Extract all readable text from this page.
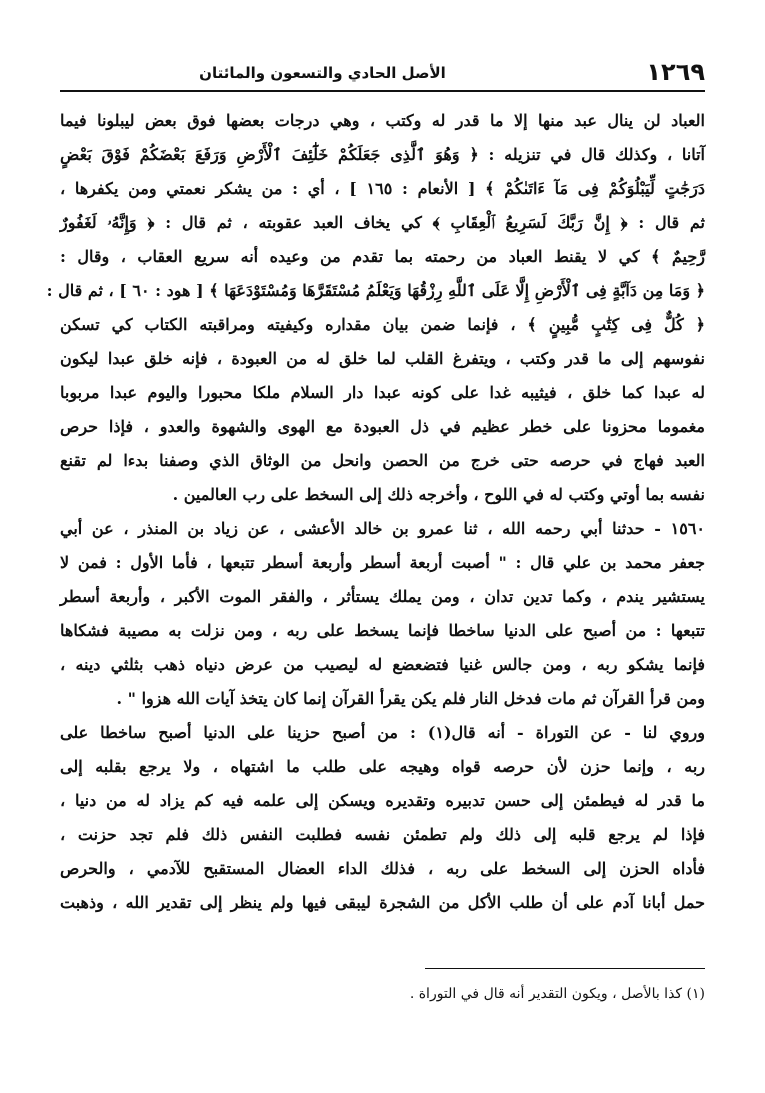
١٢٦٩
الأصل الحادي والتسعون والمائتان
العباد لن ينال عبد منها إلا ما قدر له وكتب ، وهي درجات بعضها فوق بعض ليبلونا فيما
آتانا ، وكذلك قال في تنزيله : ﴿ وَهُوَ ٱلَّذِى جَعَلَكُمْ خَلَٰٓئِفَ ٱلْأَرْضِ وَرَفَعَ بَعْضَكُمْ فَوْقَ بَعْضٍ
دَرَجَٰتٍ لِّيَبْلُوَكُمْ فِى مَآ ءَاتَىٰكُمْ ﴾ [ الأنعام : ١٦٥ ] ، أي : من يشكر نعمتي ومن يكفرها ،
ثم قال : ﴿ إِنَّ رَبَّكَ لَسَرِيعُ ٱلْعِقَابِ ﴾ كي يخاف العبد عقوبته ، ثم قال : ﴿ وَإِنَّهُۥ لَغَفُورٌ
رَّحِيمٌ ﴾ كي لا يقنط العباد من رحمته بما تقدم من وعيده أنه سريع العقاب ، وقال :
﴿ وَمَا مِن دَآبَّةٍ فِى ٱلْأَرْضِ إِلَّا عَلَى ٱللَّهِ رِزْقُهَا وَيَعْلَمُ مُسْتَقَرَّهَا وَمُسْتَوْدَعَهَا ﴾ [ هود : ٦٠ ] ، ثم قال :
﴿ كُلٌّ فِى كِتَٰبٍ مُّبِينٍ ﴾ ، فإنما ضمن بيان مقداره وكيفيته ومراقبته الكتاب كي تسكن
نفوسهم إلى ما قدر وكتب ، ويتفرغ القلب لما خلق له من العبودة ، فإنه خلق عبدا ليكون
له عبدا كما خلق ، فيثيبه غدا على كونه عبدا دار السلام ملكا محبورا واليوم عبدا مربوبا
مغموما محزونا على خطر عظيم في ذل العبودة مع الهوى والشهوة والعدو ، فإذا حرص
العبد فهاج في حرصه حتى خرج من الحصن وانحل من الوثاق الذي وصفنا بدءا لم تقنع
نفسه بما أوتي وكتب له في اللوح ، وأخرجه ذلك إلى السخط على رب العالمين .
١٥٦٠ - حدثنا أبي رحمه الله ، ثنا عمرو بن خالد الأعشى ، عن زياد بن المنذر ، عن أبي
جعفر محمد بن علي قال : " أصبت أربعة أسطر وأربعة أسطر تتبعها ، فأما الأول : فمن لا
يستشير يندم ، وكما تدين تدان ، ومن يملك يستأثر ، والفقر الموت الأكبر ، وأربعة أسطر
تتبعها : من أصبح على الدنيا ساخطا فإنما يسخط على ربه ، ومن نزلت به مصيبة فشكاها
فإنما يشكو ربه ، ومن جالس غنيا فتضعضع له ليصيب من عرض دنياه ذهب بثلثي دينه ،
ومن قرأ القرآن ثم مات فدخل النار فلم يكن يقرأ القرآن إنما كان يتخذ آيات الله هزوا " .
وروي لنا - عن التوراة - أنه قال(١) : من أصبح حزينا على الدنيا أصبح ساخطا على
ربه ، وإنما حزن لأن حرصه قواه وهيجه على طلب ما اشتهاه ، ولا يرجع بقلبه إلى
ما قدر له فيطمئن إلى حسن تدبيره وتقديره ويسكن إلى علمه فيه كم يزاد له من دنيا ،
فإذا لم يرجع قلبه إلى ذلك ولم تطمئن نفسه فطلبت النفس ذلك فلم تجد حزنت ،
فأداه الحزن إلى السخط على ربه ، فذلك الداء العضال المستقبح للآدمي ، والحرص
حمل أبانا آدم على أن طلب الأكل من الشجرة ليبقى فيها ولم ينظر إلى تقدير الله ، وذهبت
(١) كذا بالأصل ، ويكون التقدير أنه قال في التوراة .
